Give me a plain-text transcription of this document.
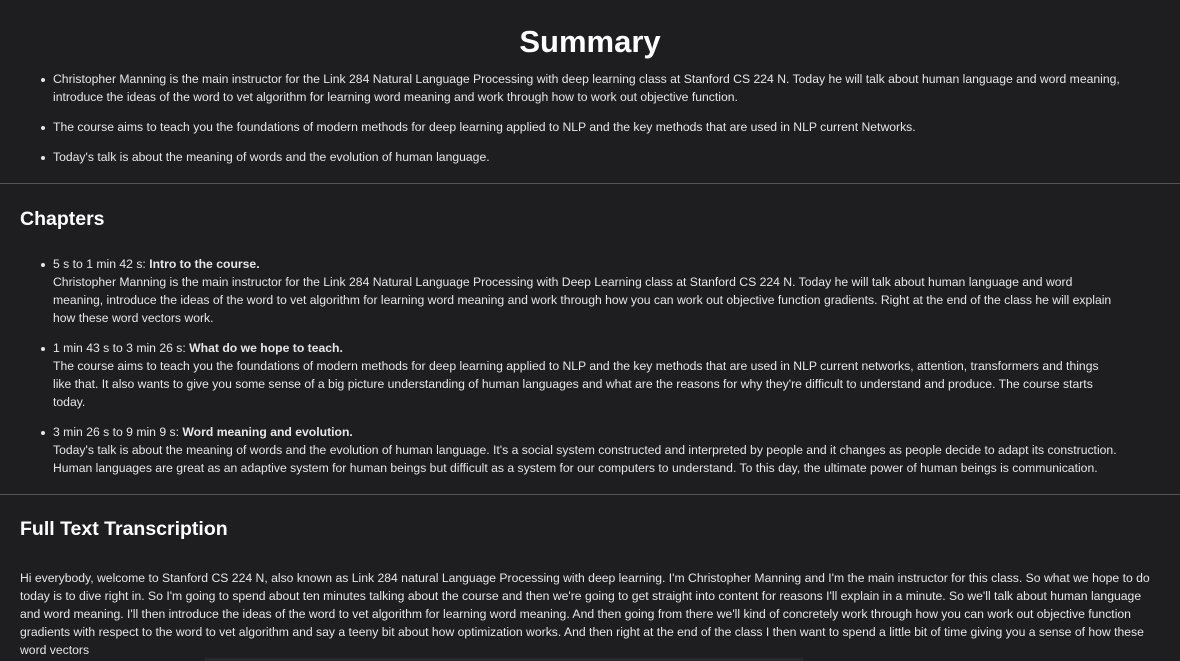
Summary
Christopher Manning is the main instructor for the Link 284 Natural Language Processing with deep learning class at Stanford CS 224 N. Today he will talk about human language and word meaning, introduce the ideas of the word to vet algorithm for learning word meaning and work through how to work out objective function.
The course aims to teach you the foundations of modern methods for deep learning applied to NLP and the key methods that are used in NLP current Networks.
Today's talk is about the meaning of words and the evolution of human language.
Chapters
5 s to 1 min 42 s: Intro to the course.
Christopher Manning is the main instructor for the Link 284 Natural Language Processing with Deep Learning class at Stanford CS 224 N. Today he will talk about human language and word meaning, introduce the ideas of the word to vet algorithm for learning word meaning and work through how you can work out objective function gradients. Right at the end of the class he will explain how these word vectors work.
1 min 43 s to 3 min 26 s: What do we hope to teach.
The course aims to teach you the foundations of modern methods for deep learning applied to NLP and the key methods that are used in NLP current networks, attention, transformers and things like that. It also wants to give you some sense of a big picture understanding of human languages and what are the reasons for why they're difficult to understand and produce. The course starts today.
3 min 26 s to 9 min 9 s: Word meaning and evolution.
Today's talk is about the meaning of words and the evolution of human language. It's a social system constructed and interpreted by people and it changes as people decide to adapt its construction. Human languages are great as an adaptive system for human beings but difficult as a system for our computers to understand. To this day, the ultimate power of human beings is communication.
Full Text Transcription

Hi everybody, welcome to Stanford CS 224 N, also known as Link 284 natural Language Processing with deep learning. I'm Christopher Manning and I'm the main instructor for this class. So what we hope to do today is to dive right in. So I'm going to spend about ten minutes talking about the course and then we're going to get straight into content for reasons I'll explain in a minute. So we'll talk about human language and word meaning. I'll then introduce the ideas of the word to vet algorithm for learning word meaning. And then going from there we'll kind of concretely work through how you can work out objective function gradients with respect to the word to vet algorithm and say a teeny bit about how optimization works. And then right at the end of the class I then want to spend a little bit of time giving you a sense of how these word vectors
